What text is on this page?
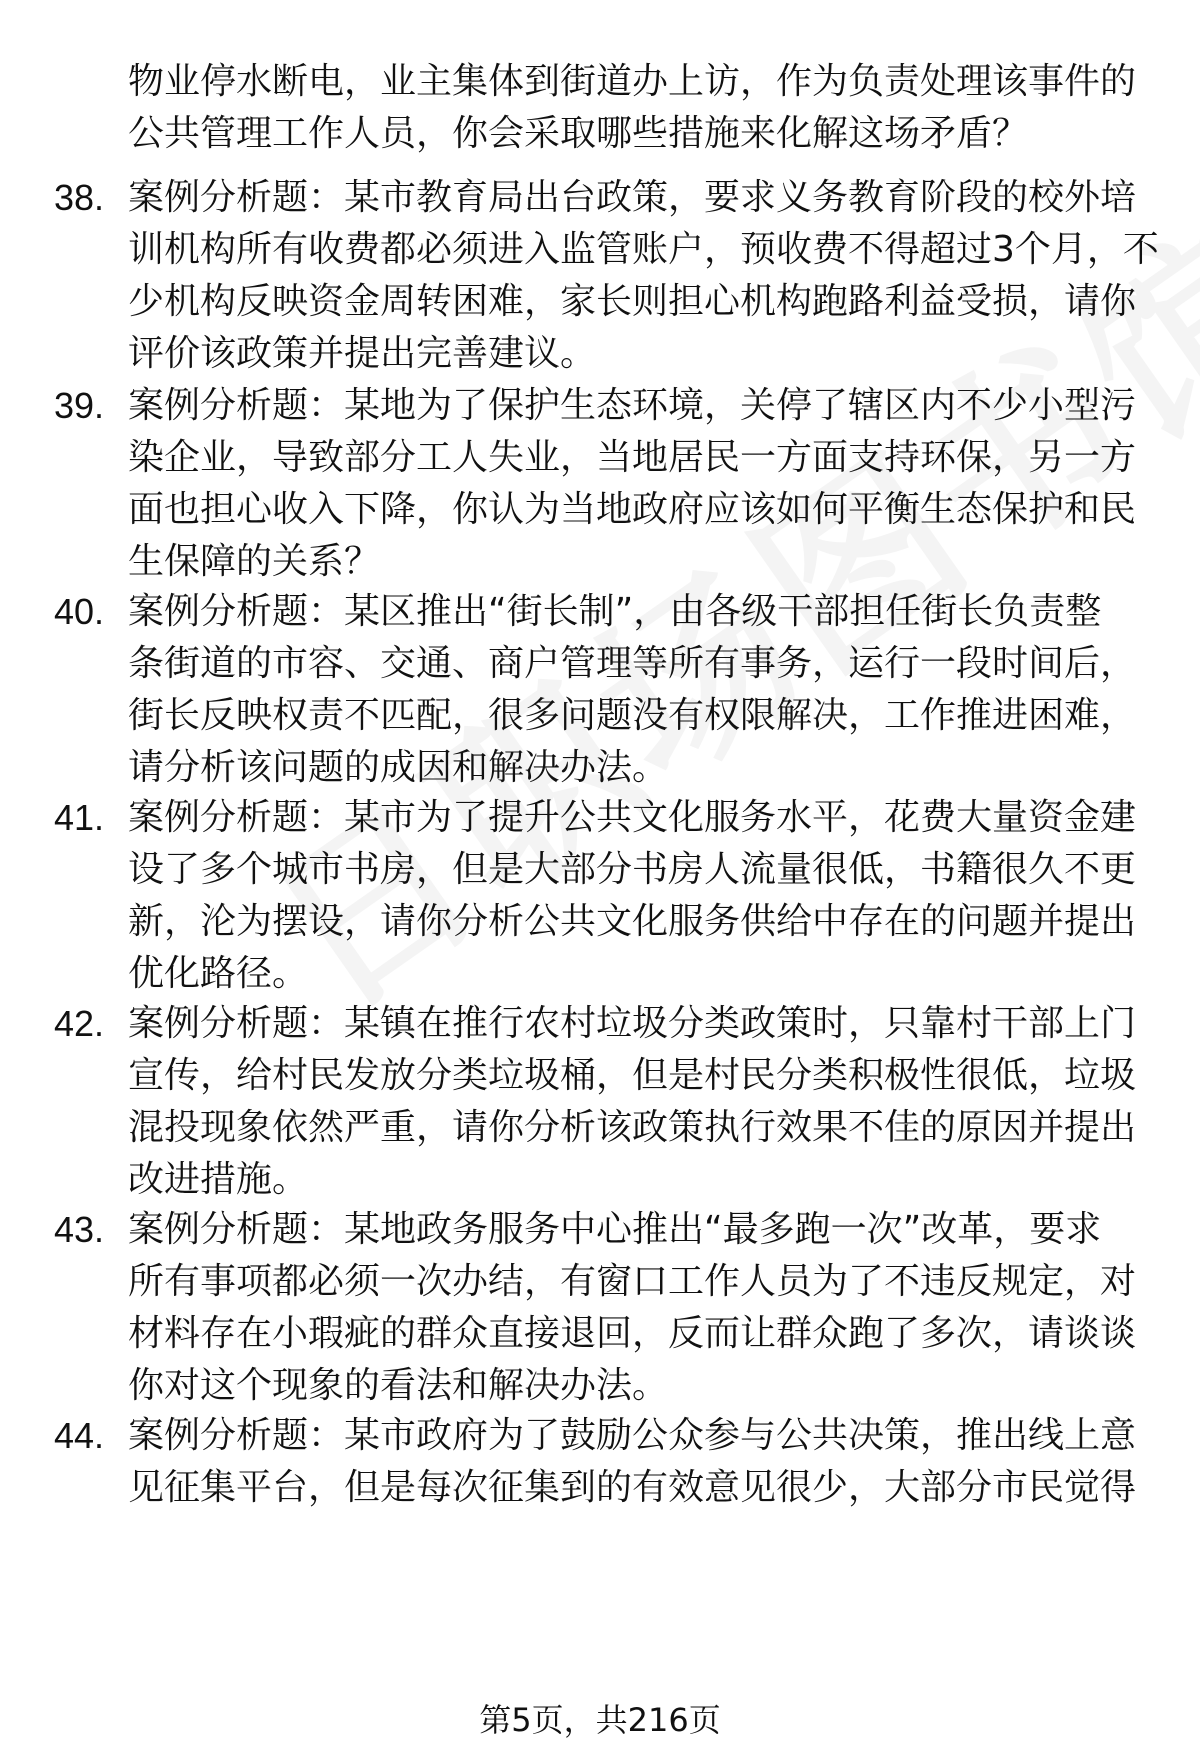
物业停水断电，业主集体到街道办上访，作为负责处理该事件的
公共管理工作人员，你会采取哪些措施来化解这场矛盾？
38. 案例分析题：某市教育局出台政策，要求义务教育阶段的校外培
训机构所有收费都必须进入监管账户，预收费不得超过3个月，不
少机构反映资金周转困难，家长则担心机构跑路利益受损，请你
评价该政策并提出完善建议。
39. 案例分析题：某地为了保护生态环境，关停了辖区内不少小型污
染企业，导致部分工人失业，当地居民一方面支持环保，另一方
面也担心收入下降，你认为当地政府应该如何平衡生态保护和民
生保障的关系？
40. 案例分析题：某区推出“街长制”，由各级干部担任街长负责整
条街道的市容、交通、商户管理等所有事务，运行一段时间后，
街长反映权责不匹配，很多问题没有权限解决，工作推进困难，
请分析该问题的成因和解决办法。
41. 案例分析题：某市为了提升公共文化服务水平，花费大量资金建
设了多个城市书房，但是大部分书房人流量很低，书籍很久不更
新，沦为摆设，请你分析公共文化服务供给中存在的问题并提出
优化路径。
42. 案例分析题：某镇在推行农村垃圾分类政策时，只靠村干部上门
宣传，给村民发放分类垃圾桶，但是村民分类积极性很低，垃圾
混投现象依然严重，请你分析该政策执行效果不佳的原因并提出
改进措施。
43. 案例分析题：某地政务服务中心推出“最多跑一次”改革，要求
所有事项都必须一次办结，有窗口工作人员为了不违反规定，对
材料存在小瑕疵的群众直接退回，反而让群众跑了多次，请谈谈
你对这个现象的看法和解决办法。
44. 案例分析题：某市政府为了鼓励公众参与公共决策，推出线上意
见征集平台，但是每次征集到的有效意见很少，大部分市民觉得
第5页，共216页
